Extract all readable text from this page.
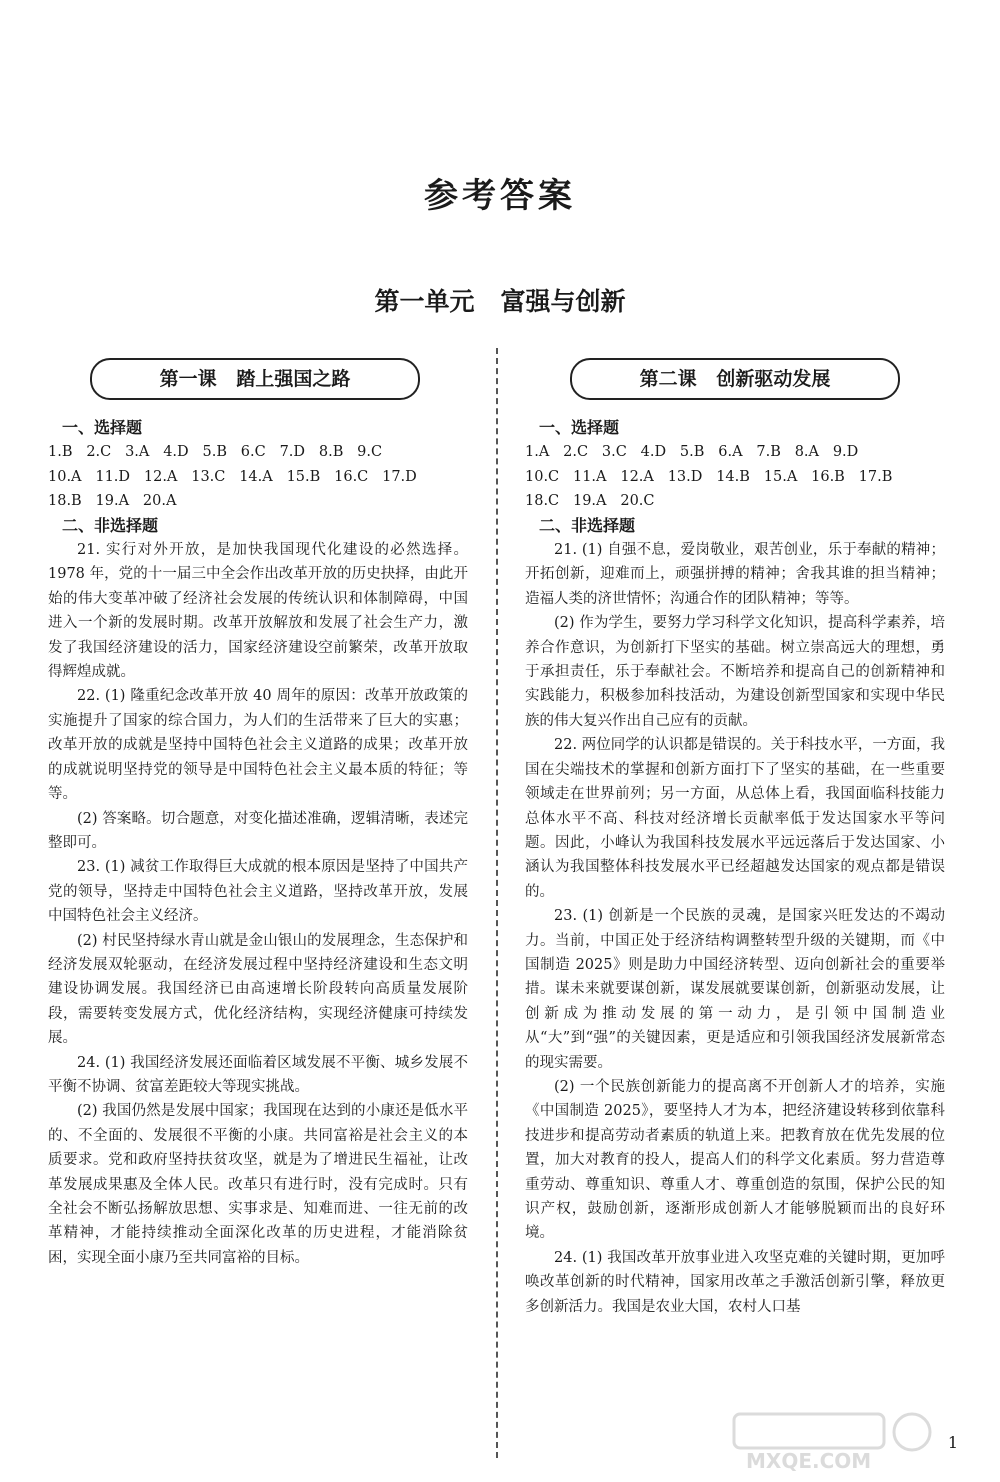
参考答案
第一单元   富强与创新
第一课   踏上强国之路	第二课   创新驱动发展
一、选择题
1.B   2.C   3.A   4.D   5.B   6.C   7.D   8.B   9.C
10.A   11.D   12.A   13.C   14.A   15.B   16.C   17.D
18.B   19.A   20.A
二、非选择题

21. 实行对外开放，是加快我国现代化建设的必然选择。1978 年，党的十一届三中全会作出改革开放的历史抉择，由此开始的伟大变革冲破了经济社会发展的传统认识和体制障碍，中国进入一个新的发展时期。改革开放解放和发展了社会生产力，激发了我国经济建设的活力，国家经济建设空前繁荣，改革开放取得辉煌成就。

22. (1) 隆重纪念改革开放 40 周年的原因：改革开放政策的实施提升了国家的综合国力，为人们的生活带来了巨大的实惠；改革开放的成就是坚持中国特色社会主义道路的成果；改革开放的成就说明坚持党的领导是中国特色社会主义最本质的特征；等等。

(2) 答案略。切合题意，对变化描述准确，逻辑清晰，表述完整即可。

23. (1) 减贫工作取得巨大成就的根本原因是坚持了中国共产党的领导，坚持走中国特色社会主义道路，坚持改革开放，发展中国特色社会主义经济。

(2) 村民坚持绿水青山就是金山银山的发展理念，生态保护和经济发展双轮驱动，在经济发展过程中坚持经济建设和生态文明建设协调发展。我国经济已由高速增长阶段转向高质量发展阶段，需要转变发展方式，优化经济结构，实现经济健康可持续发展。

24. (1) 我国经济发展还面临着区域发展不平衡、城乡发展不平衡不协调、贫富差距较大等现实挑战。

(2) 我国仍然是发展中国家；我国现在达到的小康还是低水平的、不全面的、发展很不平衡的小康。共同富裕是社会主义的本质要求。党和政府坚持扶贫攻坚，就是为了增进民生福祉，让改革发展成果惠及全体人民。改革只有进行时，没有完成时。只有全社会不断弘扬解放思想、实事求是、知难而进、一往无前的改革精神，才能持续推动全面深化改革的历史进程，才能消除贫困，实现全面小康乃至共同富裕的目标。

一、选择题
1.A   2.C   3.C   4.D   5.B   6.A   7.B   8.A   9.D
10.C   11.A   12.A   13.D   14.B   15.A   16.B   17.B
18.C   19.A   20.C
二、非选择题

21. (1) 自强不息，爱岗敬业，艰苦创业，乐于奉献的精神；开拓创新，迎难而上，顽强拼搏的精神；舍我其谁的担当精神；造福人类的济世情怀；沟通合作的团队精神；等等。

(2) 作为学生，要努力学习科学文化知识，提高科学素养，培养合作意识，为创新打下坚实的基础。树立崇高远大的理想，勇于承担责任，乐于奉献社会。不断培养和提高自己的创新精神和实践能力，积极参加科技活动，为建设创新型国家和实现中华民族的伟大复兴作出自己应有的贡献。

22. 两位同学的认识都是错误的。关于科技水平，一方面，我国在尖端技术的掌握和创新方面打下了坚实的基础，在一些重要领域走在世界前列；另一方面，从总体上看，我国面临科技能力总体水平不高、科技对经济增长贡献率低于发达国家水平等问题。因此，小峰认为我国科技发展水平远远落后于发达国家、小涵认为我国整体科技发展水平已经超越发达国家的观点都是错误的。

23. (1) 创新是一个民族的灵魂，是国家兴旺发达的不竭动力。当前，中国正处于经济结构调整转型升级的关键期，而《中国制造 2025》则是助力中国经济转型、迈向创新社会的重要举措。谋未来就要谋创新，谋发展就要谋创新，创新驱动发展，让创新成为推动发展的第一动力，是引领中国制造业从“大”到“强”的关键因素，更是适应和引领我国经济发展新常态的现实需要。

(2) 一个民族创新能力的提高离不开创新人才的培养，实施《中国制造 2025》，要坚持人才为本，把经济建设转移到依靠科技进步和提高劳动者素质的轨道上来。把教育放在优先发展的位置，加大对教育的投人，提高人们的科学文化素质。努力营造尊重劳动、尊重知识、尊重人才、尊重创造的氛围，保护公民的知识产权，鼓励创新，逐渐形成创新人才能够脱颖而出的良好环境。

24. (1) 我国改革开放事业进入攻坚克难的关键时期，更加呼唤改革创新的时代精神，国家用改革之手激活创新引擎，释放更多创新活力。我国是农业大国，农村人口基

MXQE.COM
1
